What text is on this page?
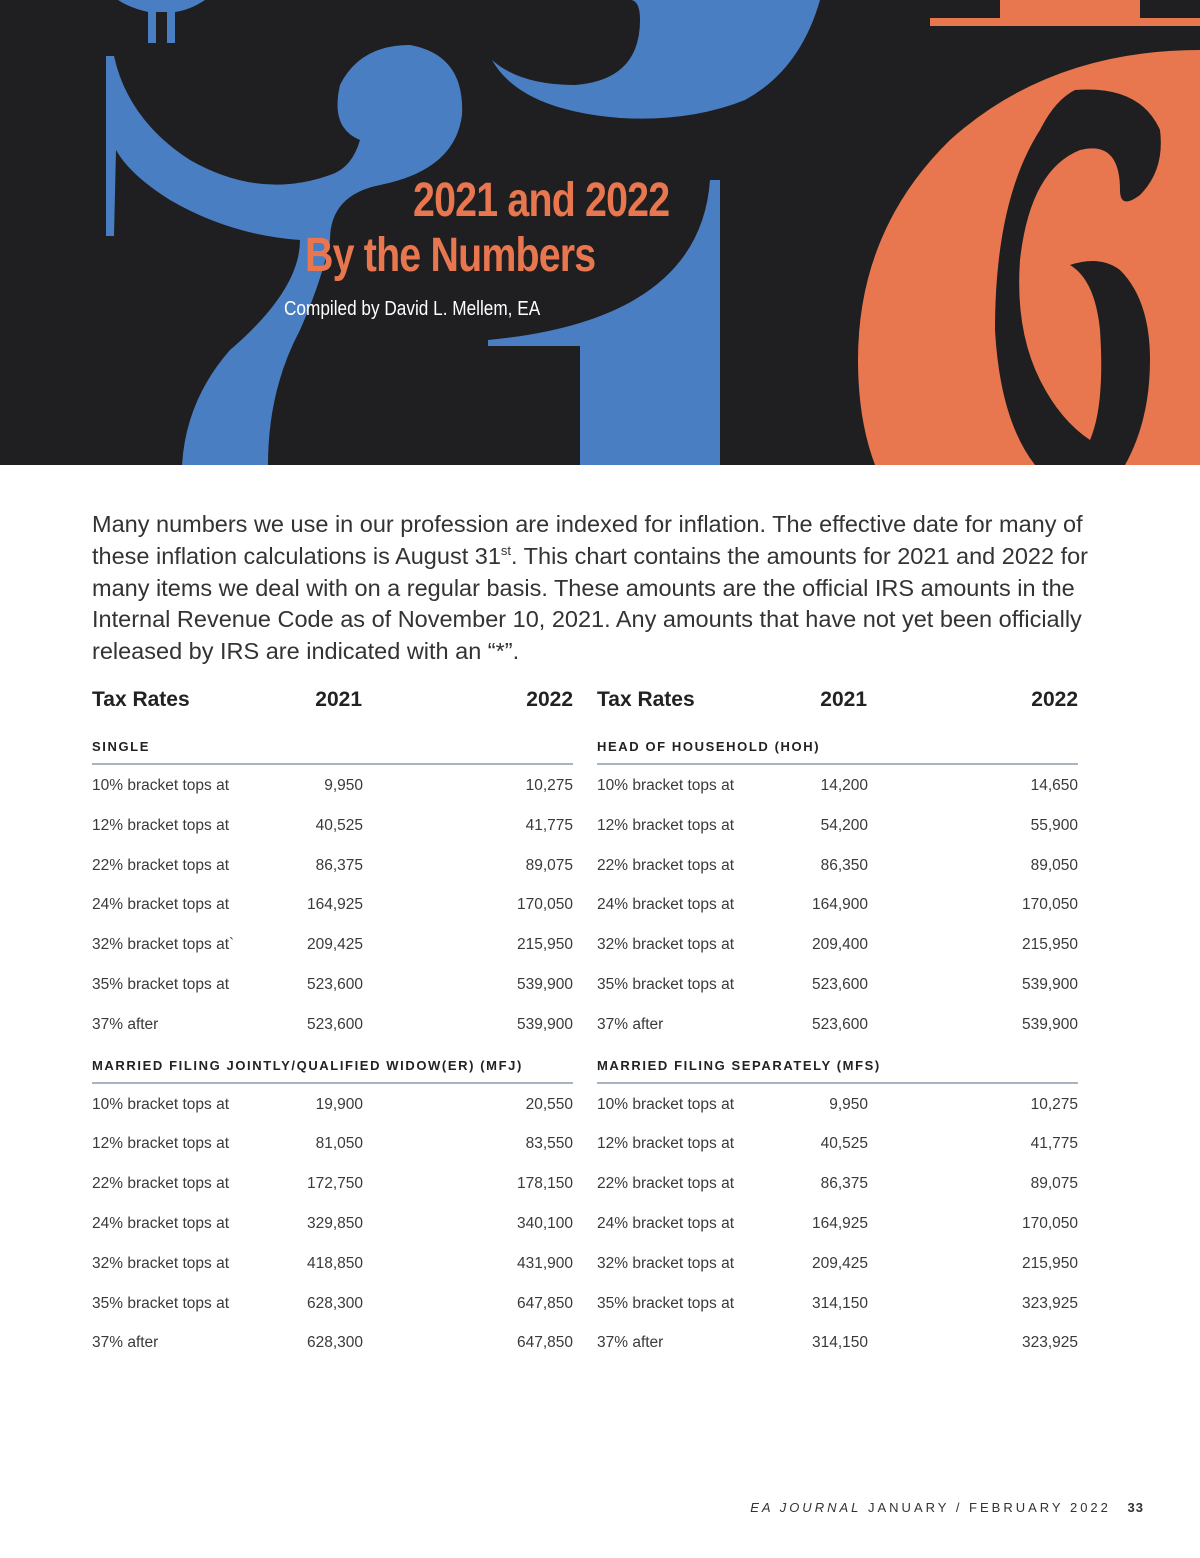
2021 and 2022
By the Numbers
Compiled by David L. Mellem, EA

Many numbers we use in our profession are indexed for inflation. The effective date for many of these inflation calculations is August 31st. This chart contains the amounts for 2021 and 2022 for many items we deal with on a regular basis. These amounts are the official IRS amounts in the Internal Revenue Code as of November 10, 2021. Any amounts that have not yet been officially released by IRS are indicated with an “*”.

Tax Rates	2021	2022
SINGLE
10% bracket tops at	9,950	10,275
12% bracket tops at	40,525	41,775
22% bracket tops at	86,375	89,075
24% bracket tops at	164,925	170,050
32% bracket tops at`	209,425	215,950
35% bracket tops at	523,600	539,900
37% after	523,600	539,900
MARRIED FILING JOINTLY/QUALIFIED WIDOW(ER) (MFJ)
10% bracket tops at	19,900	20,550
12% bracket tops at	81,050	83,550
22% bracket tops at	172,750	178,150
24% bracket tops at	329,850	340,100
32% bracket tops at	418,850	431,900
35% bracket tops at	628,300	647,850
37% after	628,300	647,850
Tax Rates	2021	2022
HEAD OF HOUSEHOLD (HOH)
10% bracket tops at	14,200	14,650
12% bracket tops at	54,200	55,900
22% bracket tops at	86,350	89,050
24% bracket tops at	164,900	170,050
32% bracket tops at	209,400	215,950
35% bracket tops at	523,600	539,900
37% after	523,600	539,900
MARRIED FILING SEPARATELY (MFS)
10% bracket tops at	9,950	10,275
12% bracket tops at	40,525	41,775
22% bracket tops at	86,375	89,075
24% bracket tops at	164,925	170,050
32% bracket tops at	209,425	215,950
35% bracket tops at	314,150	323,925
37% after	314,150	323,925
EA JOURNAL JANUARY / FEBRUARY 2022 33
